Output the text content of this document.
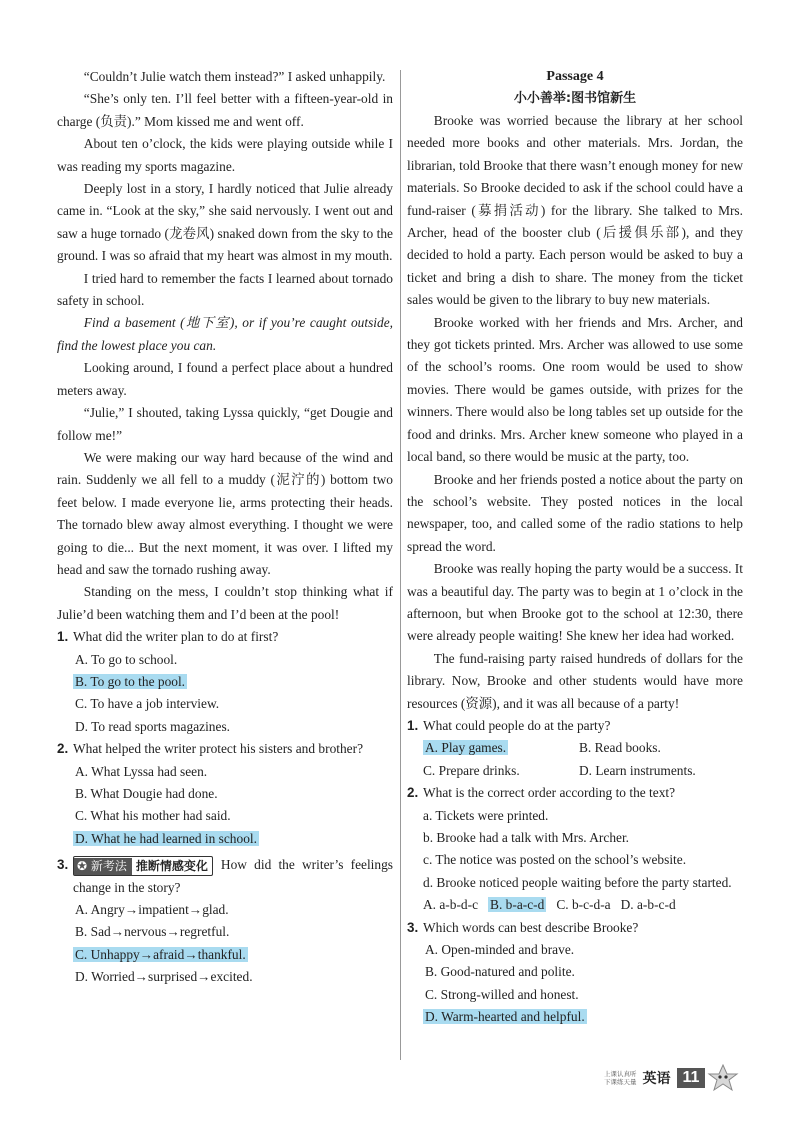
“Couldn’t Julie watch them instead?” I asked unhappily.

“She’s only ten. I’ll feel better with a fifteen-year-old in charge (负责).” Mom kissed me and went off.

About ten o’clock, the kids were playing outside while I was reading my sports magazine.

Deeply lost in a story, I hardly noticed that Julie already came in. “Look at the sky,” she said nervously. I went out and saw a huge tornado (龙卷风) snaked down from the sky to the ground. I was so afraid that my heart was almost in my mouth.

I tried hard to remember the facts I learned about tornado safety in school.

Find a basement (地下室), or if you’re caught outside, find the lowest place you can.

Looking around, I found a perfect place about a hundred meters away.

“Julie,” I shouted, taking Lyssa quickly, “get Dougie and follow me!”

We were making our way hard because of the wind and rain. Suddenly we all fell to a muddy (泥泞的) bottom two feet below. I made everyone lie, arms protecting their heads. The tornado blew away almost everything. I thought we were going to die... But the next moment, it was over. I lifted my head and saw the tornado rushing away.

Standing on the mess, I couldn’t stop thinking what if Julie’d been watching them and I’d been at the pool!

1. What did the writer plan to do at first?
A. To go to school.
B. To go to the pool.
C. To have a job interview.
D. To read sports magazines.
2. What helped the writer protect his sisters and brother?
A. What Lyssa had seen.
B. What Dougie had done.
C. What his mother had said.
D. What he had learned in school.
3. ✪ 新考法 推断情感变化 How did the writer’s feelings change in the story?
A. Angry→impatient→glad.
B. Sad→nervous→regretful.
C. Unhappy→afraid→thankful.
D. Worried→surprised→excited.
Passage 4
小小善举:图书馆新生

Brooke was worried because the library at her school needed more books and other materials. Mrs. Jordan, the librarian, told Brooke that there wasn’t enough money for new materials. So Brooke decided to ask if the school could have a fund-raiser (募捐活动) for the library. She talked to Mrs. Archer, head of the booster club (后援俱乐部), and they decided to hold a party. Each person would be asked to buy a ticket and bring a dish to share. The money from the ticket sales would be given to the library to buy new materials.

Brooke worked with her friends and Mrs. Archer, and they got tickets printed. Mrs. Archer was allowed to use some of the school’s rooms. One room would be used to show movies. There would be games outside, with prizes for the winners. There would also be long tables set up outside for the food and drinks. Mrs. Archer knew someone who played in a local band, so there would be music at the party, too.

Brooke and her friends posted a notice about the party on the school’s website. They posted notices in the local newspaper, too, and called some of the radio stations to help spread the word.

Brooke was really hoping the party would be a success. It was a beautiful day. The party was to begin at 1 o’clock in the afternoon, but when Brooke got to the school at 12:30, there were already people waiting! She knew her idea had worked.

The fund-raising party raised hundreds of dollars for the library. Now, Brooke and other students would have more resources (资源), and it was all because of a party!

1. What could people do at the party?
A. Play games.	B. Read books.
C. Prepare drinks.	D. Learn instruments.
2. What is the correct order according to the text?
a. Tickets were printed.
b. Brooke had a talk with Mrs. Archer.
c. The notice was posted on the school’s website.
d. Brooke noticed people waiting before the party started.
A. a-b-d-c B. b-a-c-d C. b-c-d-a D. a-b-c-d
3. Which words can best describe Brooke?
A. Open-minded and brave.
B. Good-natured and polite.
C. Strong-willed and honest.
D. Warm-hearted and helpful.
上课认真听
下课练天量 英语 11
